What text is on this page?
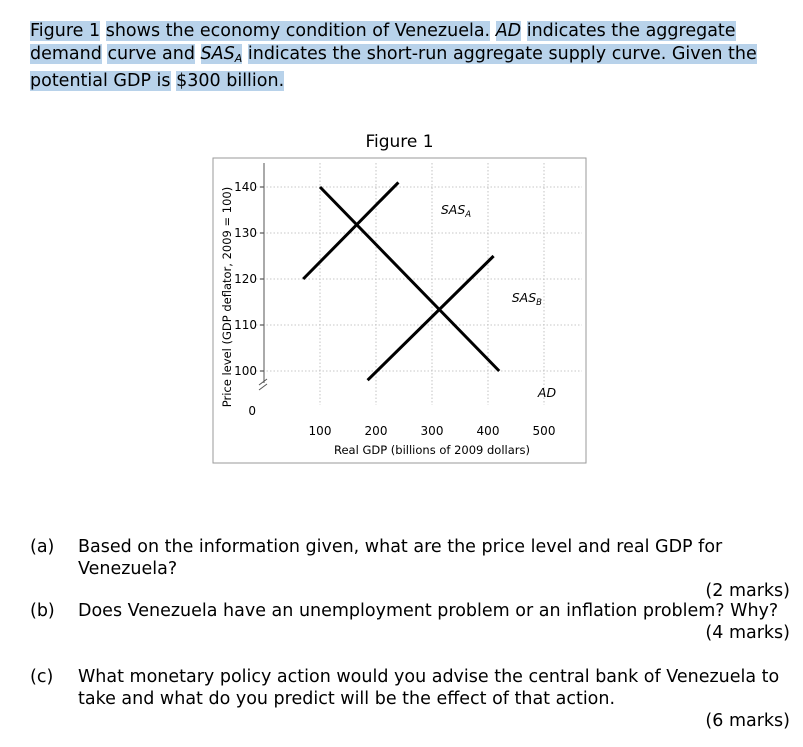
Figure 1 shows the economy condition of Venezuela. AD indicates the aggregate demand curve and $SAS_A$ indicates the short-run aggregate supply curve. Given the potential GDP is $300 billion.
Figure 1
100
110
120
130
140
100	200	300	400	500
0
Real GDP (billions of 2009 dollars)
Price level (GDP deflator, 2009 = 100)	$SAS_A$
$SAS_B$
AD
(a) Based on the information given, what are the price level and real GDP for Venezuela?
(2 marks)
(b) Does Venezuela have an unemployment problem or an inflation problem? Why?
(4 marks)
(c) What monetary policy action would you advise the central bank of Venezuela to take and what do you predict will be the effect of that action.
(6 marks)
